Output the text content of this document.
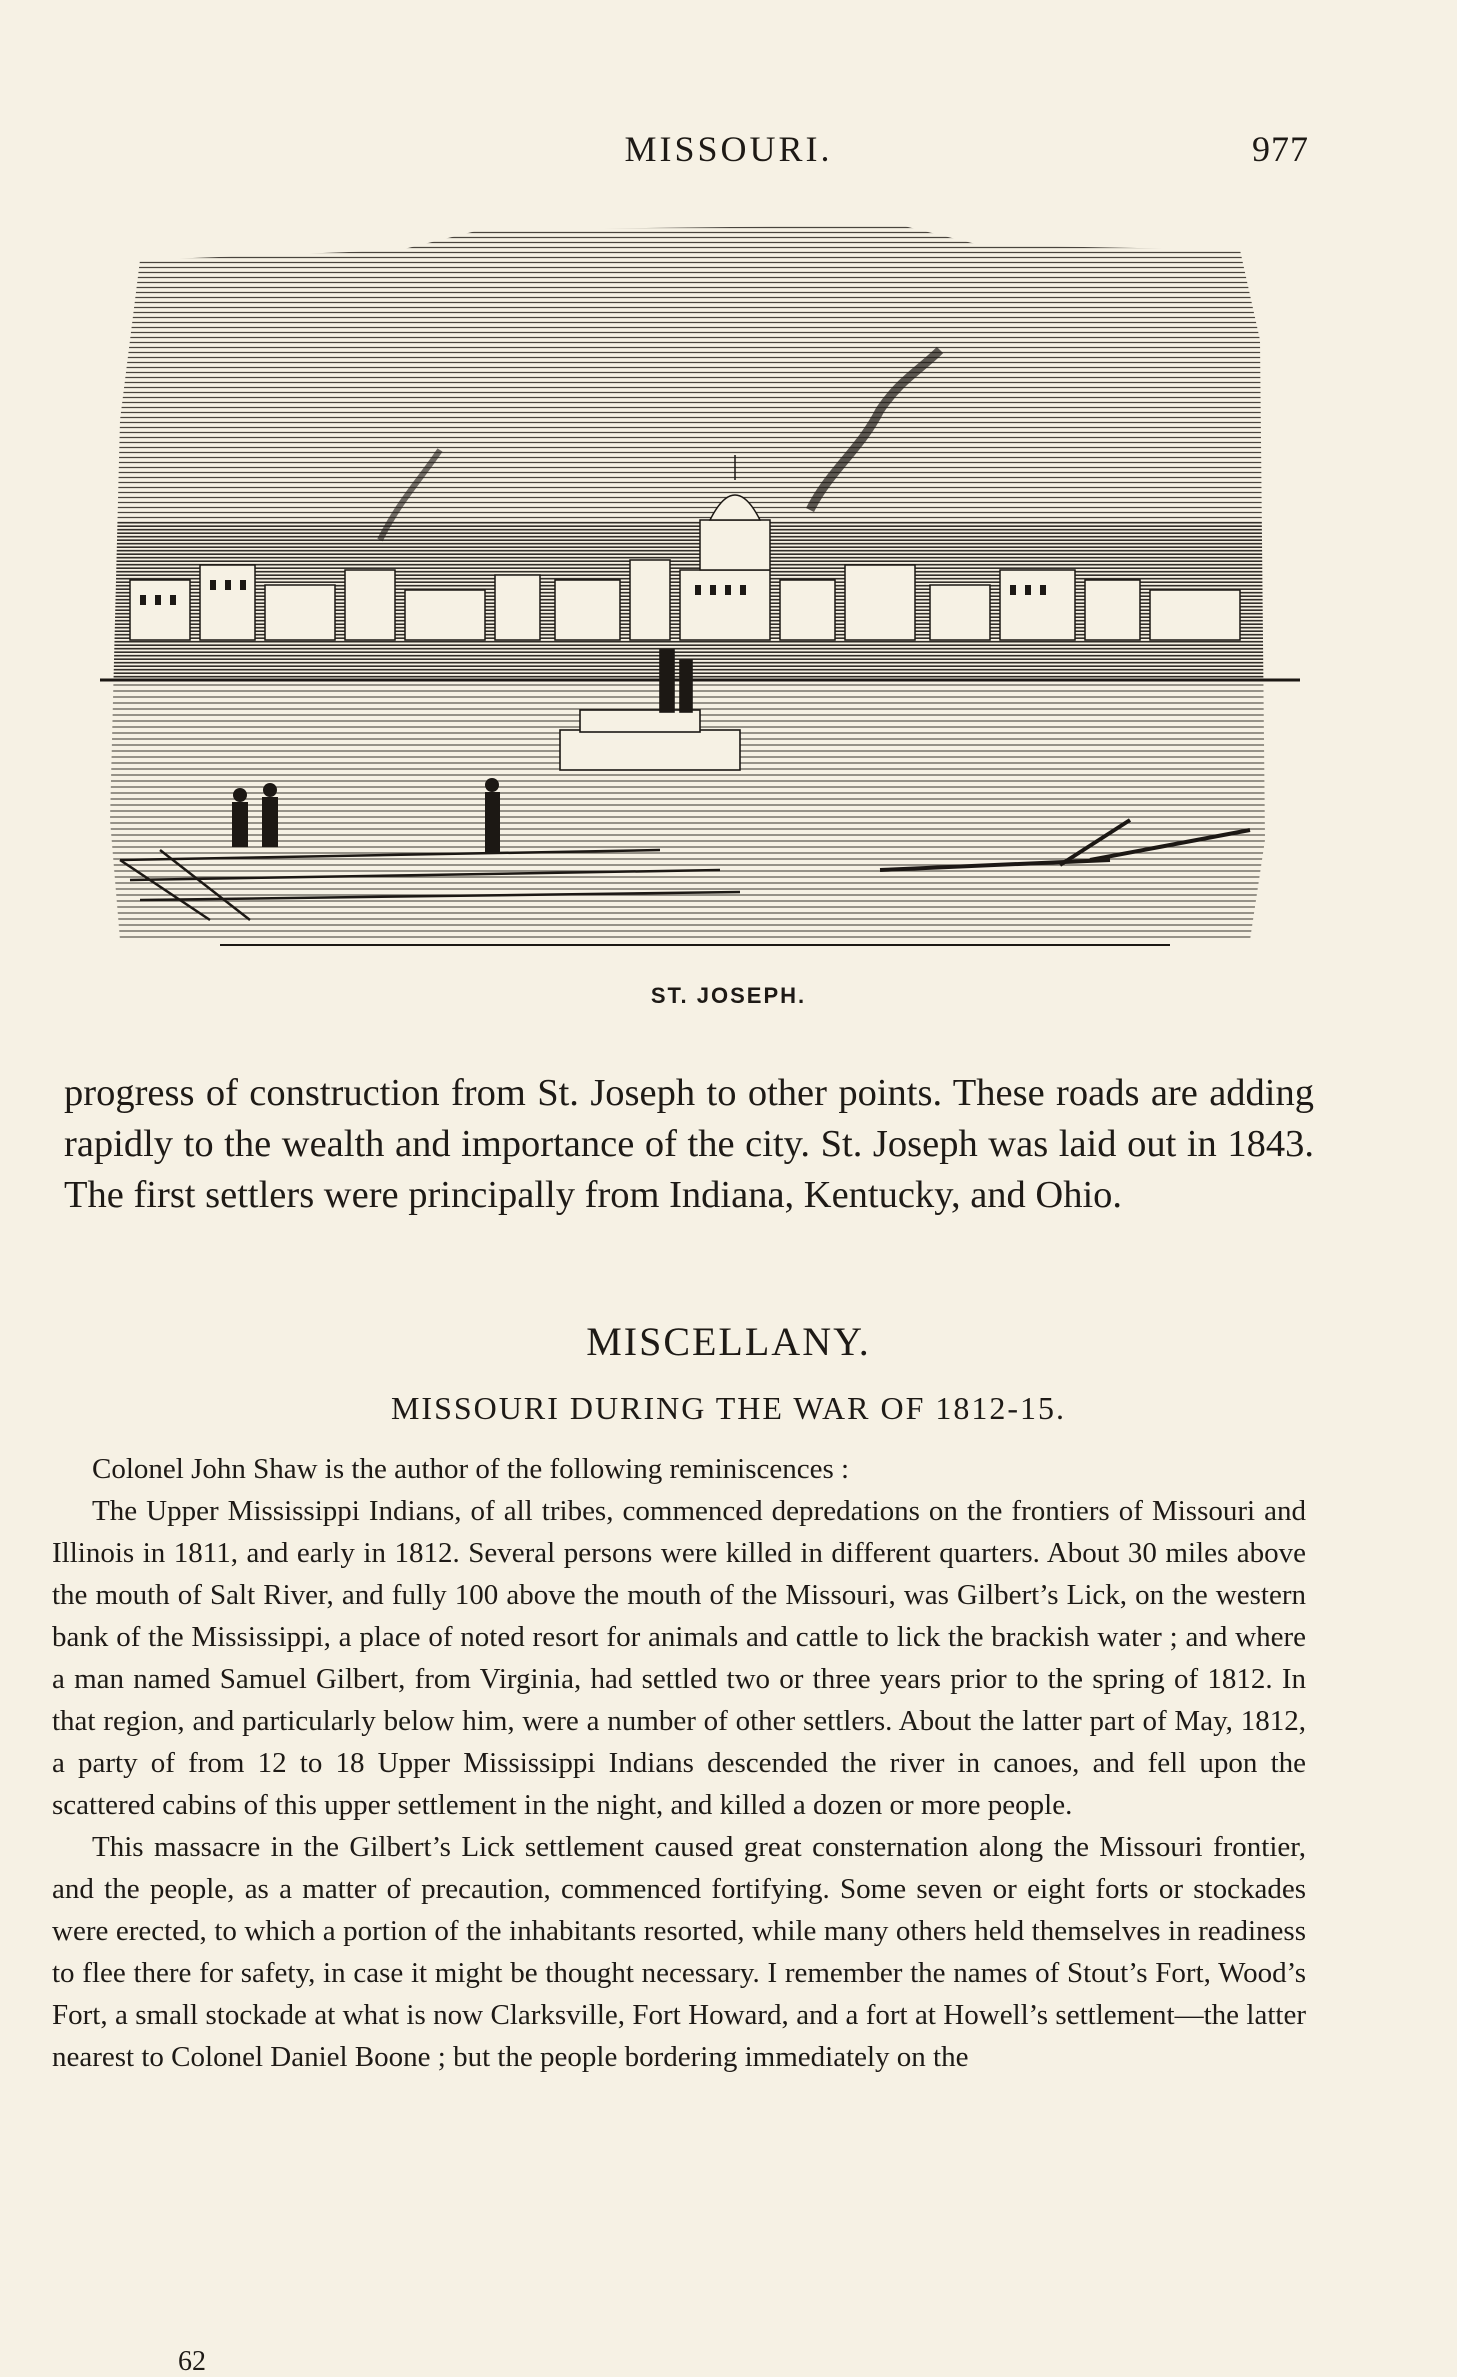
MISSOURI.	977
ST. JOSEPH.

progress of construction from St. Joseph to other points. These roads are adding rapidly to the wealth and importance of the city. St. Joseph was laid out in 1843. The first settlers were principally from Indiana, Kentucky, and Ohio.

MISCELLANY.
MISSOURI DURING THE WAR OF 1812-15.

Colonel John Shaw is the author of the following reminiscences :

The Upper Mississippi Indians, of all tribes, commenced depredations on the frontiers of Missouri and Illinois in 1811, and early in 1812. Several persons were killed in different quarters. About 30 miles above the mouth of Salt River, and fully 100 above the mouth of the Missouri, was Gilbert’s Lick, on the western bank of the Mississippi, a place of noted resort for animals and cattle to lick the brackish water ; and where a man named Samuel Gilbert, from Virginia, had settled two or three years prior to the spring of 1812. In that region, and particularly below him, were a number of other settlers. About the latter part of May, 1812, a party of from 12 to 18 Upper Mississippi Indians descended the river in canoes, and fell upon the scattered cabins of this upper settlement in the night, and killed a dozen or more people.

This massacre in the Gilbert’s Lick settlement caused great consternation along the Missouri frontier, and the people, as a matter of precaution, commenced fortifying. Some seven or eight forts or stockades were erected, to which a portion of the inhabitants resorted, while many others held themselves in readiness to flee there for safety, in case it might be thought necessary. I remember the names of Stout’s Fort, Wood’s Fort, a small stockade at what is now Clarksville, Fort Howard, and a fort at Howell’s settlement—the latter nearest to Colonel Daniel Boone ; but the people bordering immediately on the

62
